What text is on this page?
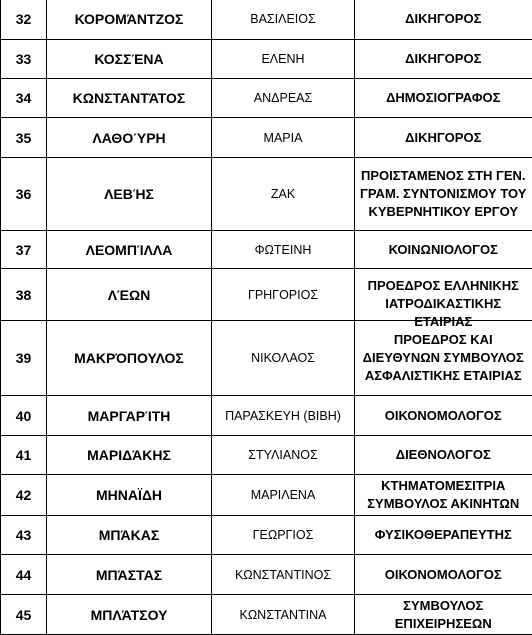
32	ΚΟΡΟΜΆΝΤΖΟΣ	ΒΑΣΙΛΕΙΟΣ	ΔΙΚΗΓΟΡΟΣ

33	ΚΟΣΣΈΝΑ	ΕΛΕΝΗ	ΔΙΚΗΓΟΡΟΣ

34	ΚΩΝΣΤΑΝΤΆΤΟΣ	ΑΝΔΡΕΑΣ	ΔΗΜΟΣΙΟΓΡΑΦΟΣ

35	ΛΑΘΟΎΡΗ	ΜΑΡΙΑ	ΔΙΚΗΓΟΡΟΣ

36	ΛΕΒΉΣ	ΖΑΚ	ΠΡΟΙΣΤΑΜΕΝΟΣ ΣΤΗ ΓΕΝ. ΓΡΑΜ. ΣΥΝΤΟΝΙΣΜΟΥ ΤΟΥ ΚΥΒΕΡΝΗΤΙΚΟΥ ΕΡΓΟΥ

37	ΛΕΟΜΠΊΛΛΑ	ΦΩΤΕΙΝΗ	ΚΟΙΝΩΝΙΟΛΟΓΟΣ

38	ΛΈΩΝ	ΓΡΗΓΟΡΙΟΣ	ΠΡΟΕΔΡΟΣ ΕΛΛΗΝΙΚΗΣ ΙΑΤΡΟΔΙΚΑΣΤΙΚΗΣ ΕΤΑΙΡΙΑΣ

39	ΜΑΚΡΌΠΟΥΛΟΣ	ΝΙΚΟΛΑΟΣ	ΠΡΟΕΔΡΟΣ ΚΑΙ ΔΙΕΥΘΥΝΩΝ ΣΥΜΒΟΥΛΟΣ ΑΣΦΑΛΙΣΤΙΚΗΣ ΕΤΑΙΡΙΑΣ

40	ΜΑΡΓΑΡΊΤΗ	ΠΑΡΑΣΚΕΥΗ (ΒΙΒΗ)	ΟΙΚΟΝΟΜΟΛΟΓΟΣ

41	ΜΑΡΙΔΆΚΗΣ	ΣΤΥΛΙΑΝΟΣ	ΔΙΕΘΝΟΛΟΓΟΣ

42	ΜΗΝΑΪΔΗ	ΜΑΡΙΛΕΝΑ	ΚΤΗΜΑΤΟΜΕΣΙΤΡΙΑ ΣΥΜΒΟΥΛΟΣ ΑΚΙΝΗΤΩΝ

43	ΜΠΆΚΑΣ	ΓΕΩΡΓΙΟΣ	ΦΥΣΙΚΟΘΕΡΑΠΕΥΤΗΣ

44	ΜΠΆΣΤΑΣ	ΚΩΝΣΤΑΝΤΙΝΟΣ	ΟΙΚΟΝΟΜΟΛΟΓΟΣ

45	ΜΠΛΆΤΣΟΥ	ΚΩΝΣΤΑΝΤΙΝΑ	ΣΥΜΒΟΥΛΟΣ ΕΠΙΧΕΙΡΗΣΕΩΝ
